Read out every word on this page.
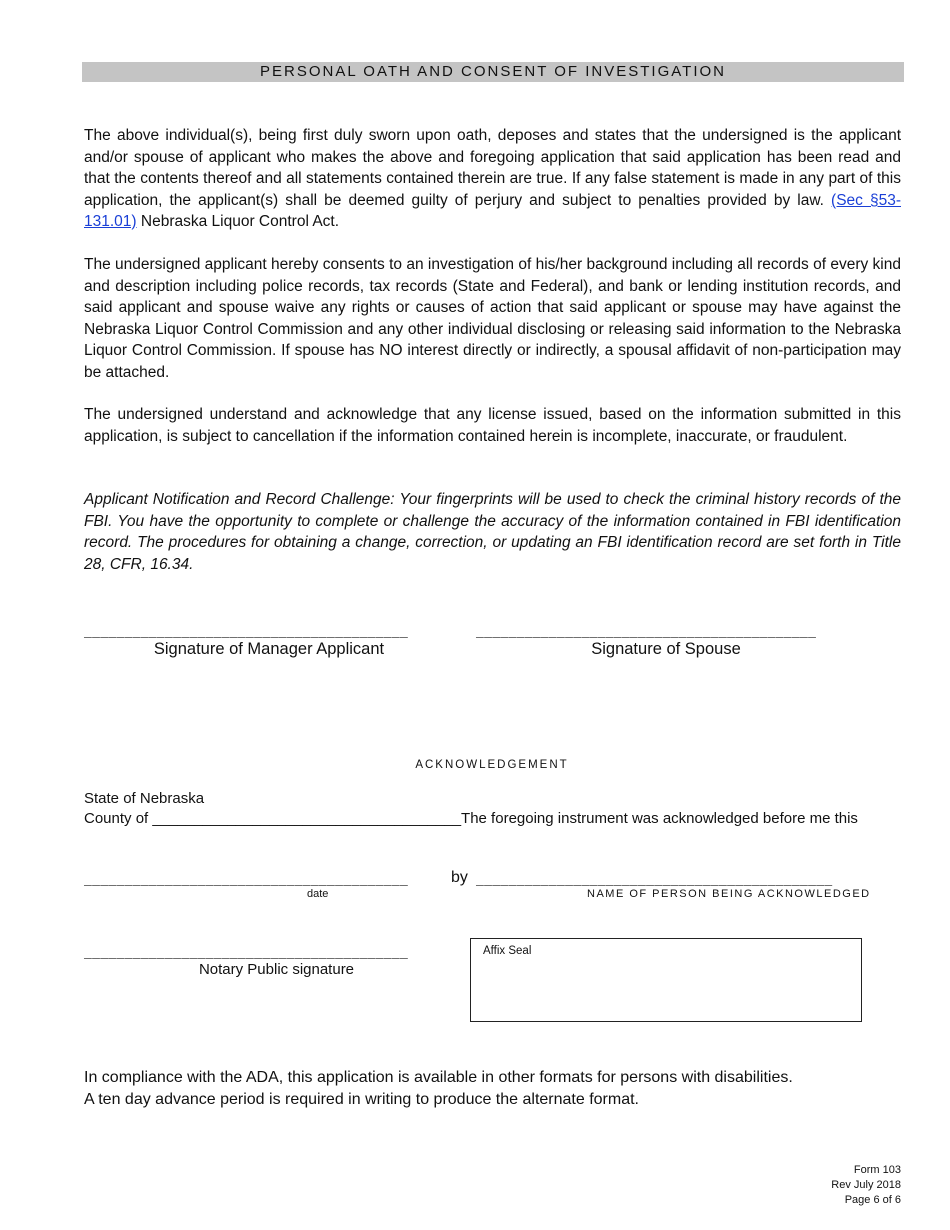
PERSONAL OATH AND CONSENT OF INVESTIGATION
The above individual(s), being first duly sworn upon oath, deposes and states that the undersigned is the applicant and/or spouse of applicant who makes the above and foregoing application that said application has been read and that the contents thereof and all statements contained therein are true. If any false statement is made in any part of this application, the applicant(s) shall be deemed guilty of perjury and subject to penalties provided by law. (Sec §53-131.01) Nebraska Liquor Control Act.
The undersigned applicant hereby consents to an investigation of his/her background including all records of every kind and description including police records, tax records (State and Federal), and bank or lending institution records, and said applicant and spouse waive any rights or causes of action that said applicant or spouse may have against the Nebraska Liquor Control Commission and any other individual disclosing or releasing said information to the Nebraska Liquor Control Commission. If spouse has NO interest directly or indirectly, a spousal affidavit of non-participation may be attached.
The undersigned understand and acknowledge that any license issued, based on the information submitted in this application, is subject to cancellation if the information contained herein is incomplete, inaccurate, or fraudulent.
Applicant Notification and Record Challenge: Your fingerprints will be used to check the criminal history records of the FBI. You have the opportunity to complete or challenge the accuracy of the information contained in FBI identification record. The procedures for obtaining a change, correction, or updating an FBI identification record are set forth in Title 28, CFR, 16.34.
________________________________________	__________________________________________
Signature of Manager Applicant	Signature of Spouse
ACKNOWLEDGEMENT
State of Nebraska
County of _____________________________________The foregoing instrument was acknowledged before me this
________________________________________	by ____________________________________________
date	NAME OF PERSON BEING ACKNOWLEDGED
________________________________________
Notary Public signature
Affix Seal
In compliance with the ADA, this application is available in other formats for persons with disabilities.
A ten day advance period is required in writing to produce the alternate format.
Form 103
Rev July 2018
Page 6 of 6
